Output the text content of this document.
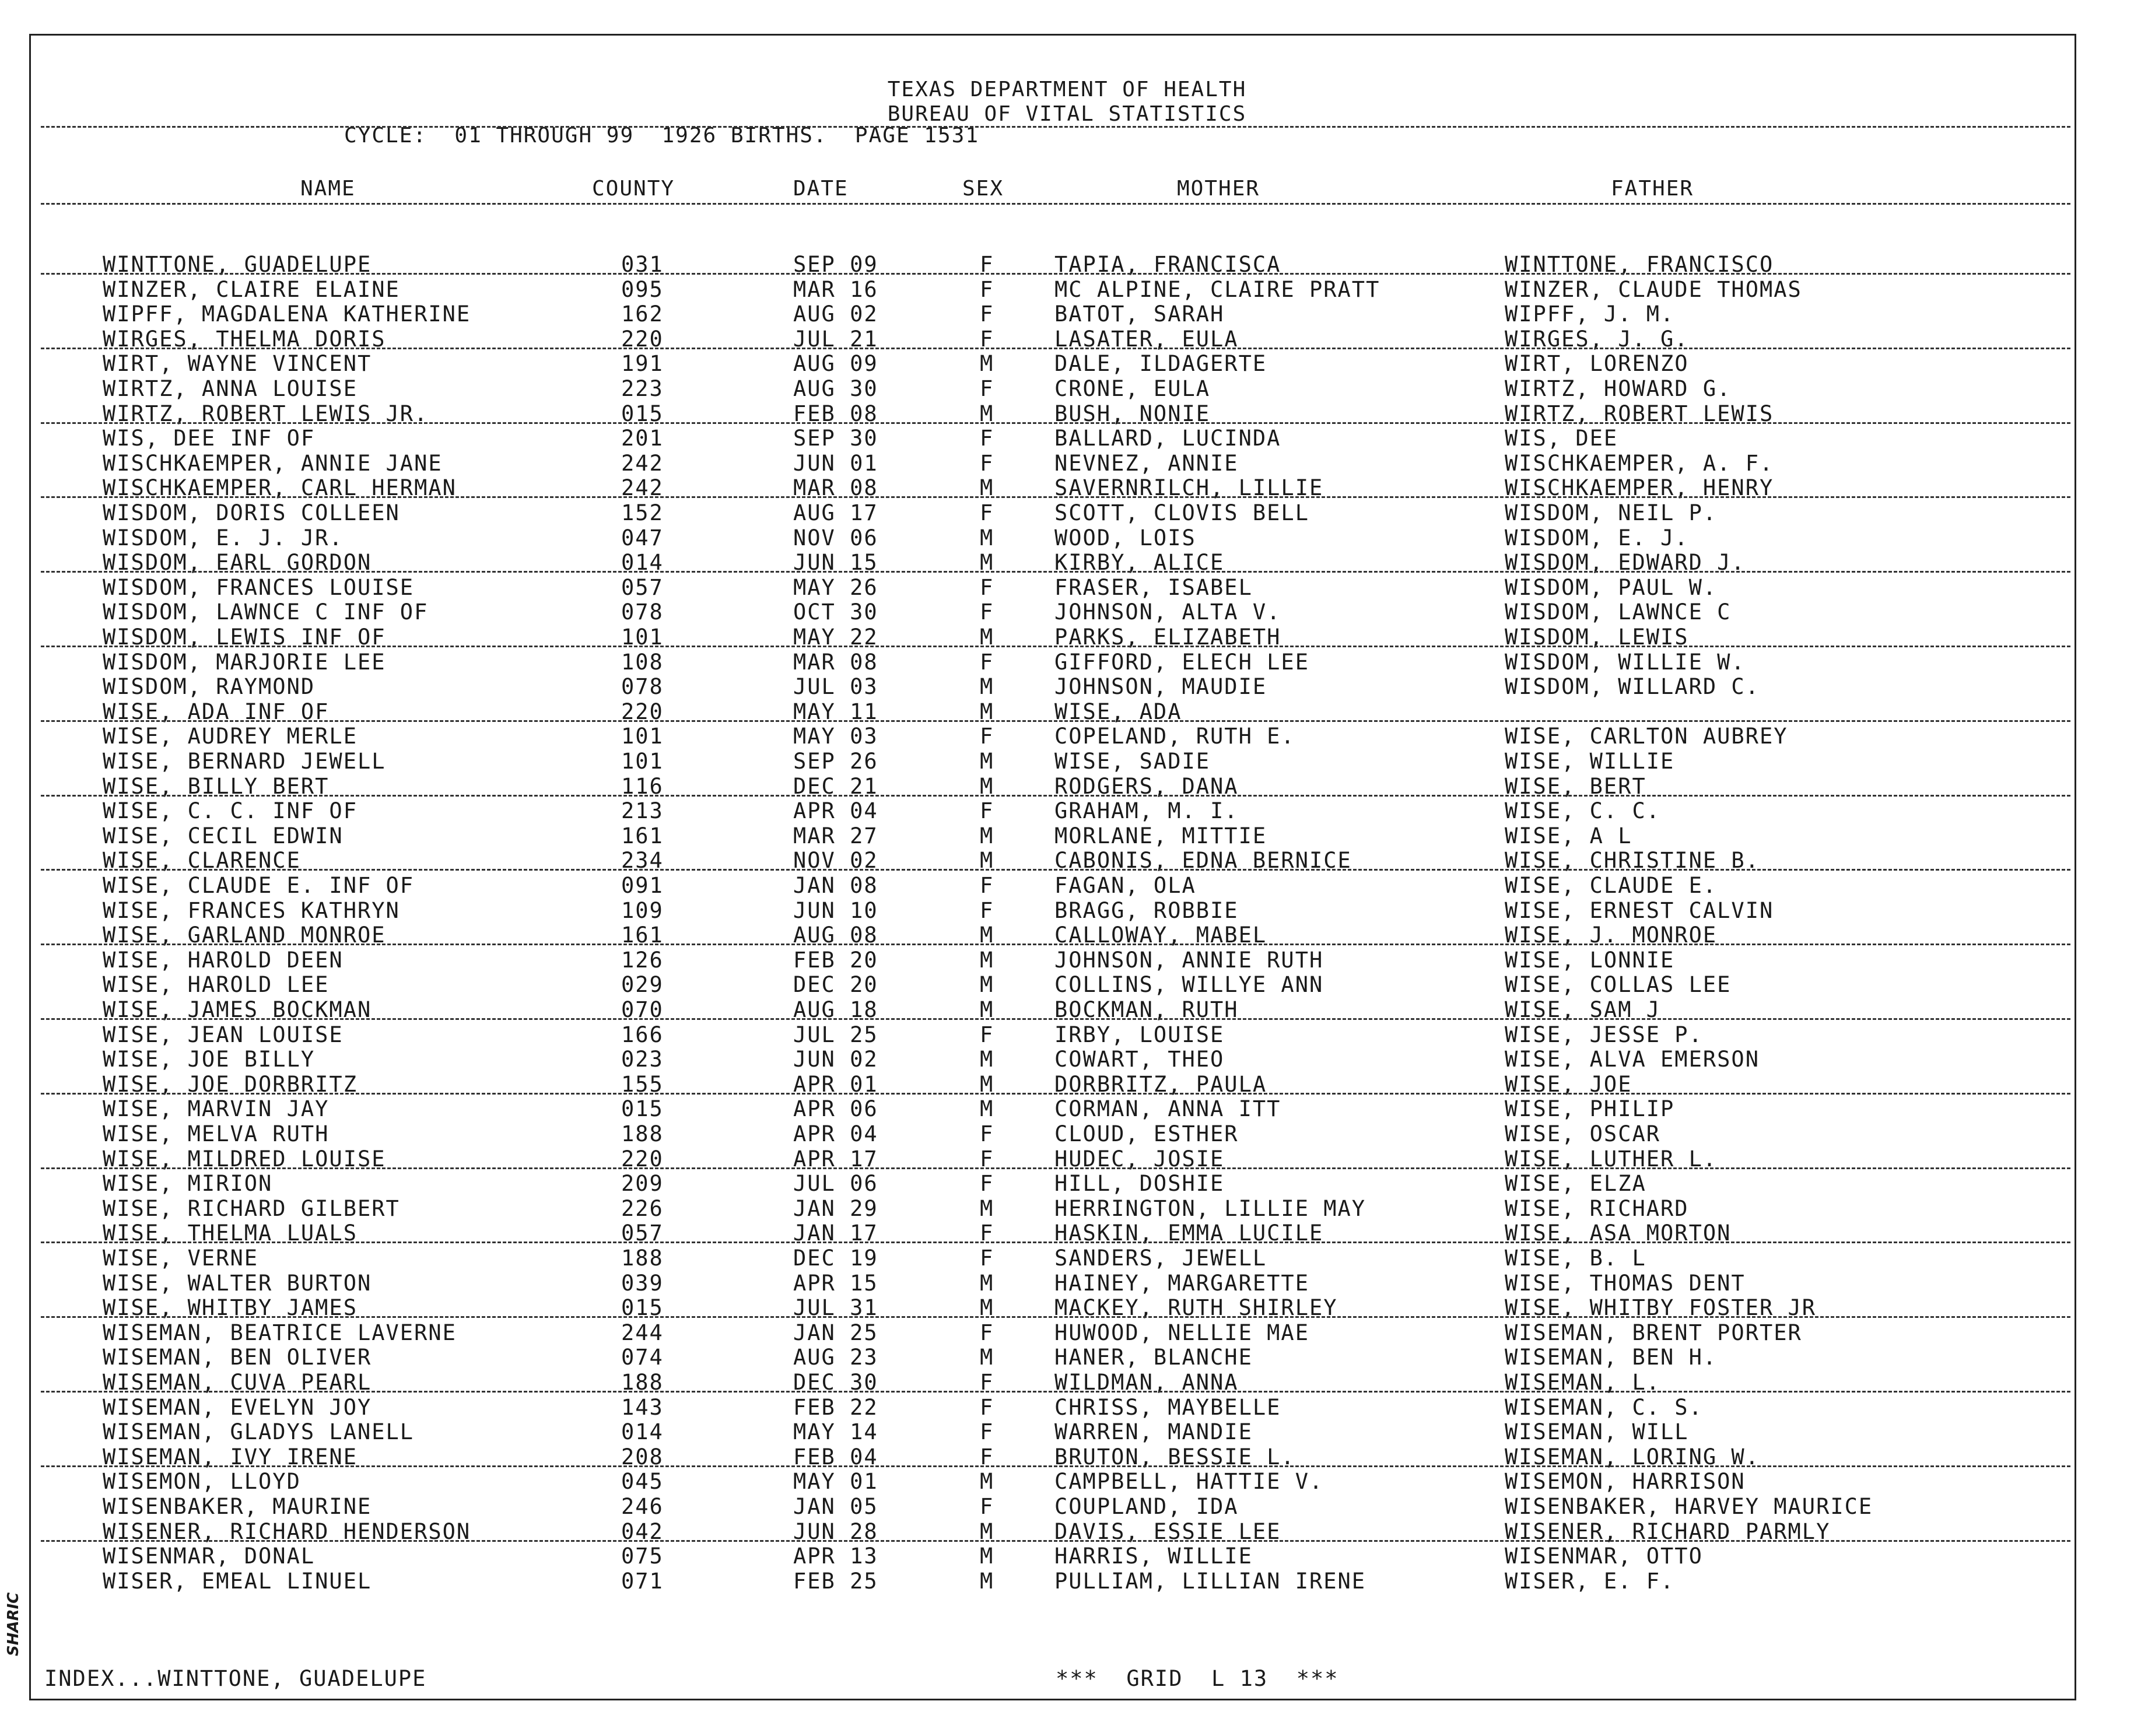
TEXAS DEPARTMENT OF HEALTH
BUREAU OF VITAL STATISTICS
CYCLE:  01 THROUGH 99  1926 BIRTHS.  PAGE 1531
NAME	COUNTY	DATE	SEX	MOTHER	FATHER
WINTTONE, GUADELUPE	031	SEP 09	F	TAPIA, FRANCISCA	WINTTONE, FRANCISCO
WINZER, CLAIRE ELAINE	095	MAR 16	F	MC ALPINE, CLAIRE PRATT	WINZER, CLAUDE THOMAS
WIPFF, MAGDALENA KATHERINE	162	AUG 02	F	BATOT, SARAH	WIPFF, J. M.
WIRGES, THELMA DORIS	220	JUL 21	F	LASATER, EULA	WIRGES, J. G.
WIRT, WAYNE VINCENT	191	AUG 09	M	DALE, ILDAGERTE	WIRT, LORENZO
WIRTZ, ANNA LOUISE	223	AUG 30	F	CRONE, EULA	WIRTZ, HOWARD G.
WIRTZ, ROBERT LEWIS JR.	015	FEB 08	M	BUSH, NONIE	WIRTZ, ROBERT LEWIS
WIS, DEE INF OF	201	SEP 30	F	BALLARD, LUCINDA	WIS, DEE
WISCHKAEMPER, ANNIE JANE	242	JUN 01	F	NEVNEZ, ANNIE	WISCHKAEMPER, A. F.
WISCHKAEMPER, CARL HERMAN	242	MAR 08	M	SAVERNRILCH, LILLIE	WISCHKAEMPER, HENRY
WISDOM, DORIS COLLEEN	152	AUG 17	F	SCOTT, CLOVIS BELL	WISDOM, NEIL P.
WISDOM, E. J. JR.	047	NOV 06	M	WOOD, LOIS	WISDOM, E. J.
WISDOM, EARL GORDON	014	JUN 15	M	KIRBY, ALICE	WISDOM, EDWARD J.
WISDOM, FRANCES LOUISE	057	MAY 26	F	FRASER, ISABEL	WISDOM, PAUL W.
WISDOM, LAWNCE C INF OF	078	OCT 30	F	JOHNSON, ALTA V.	WISDOM, LAWNCE C
WISDOM, LEWIS INF OF	101	MAY 22	M	PARKS, ELIZABETH	WISDOM, LEWIS
WISDOM, MARJORIE LEE	108	MAR 08	F	GIFFORD, ELECH LEE	WISDOM, WILLIE W.
WISDOM, RAYMOND	078	JUL 03	M	JOHNSON, MAUDIE	WISDOM, WILLARD C.
WISE, ADA INF OF	220	MAY 11	M	WISE, ADA
WISE, AUDREY MERLE	101	MAY 03	F	COPELAND, RUTH E.	WISE, CARLTON AUBREY
WISE, BERNARD JEWELL	101	SEP 26	M	WISE, SADIE	WISE, WILLIE
WISE, BILLY BERT	116	DEC 21	M	RODGERS, DANA	WISE, BERT
WISE, C. C. INF OF	213	APR 04	F	GRAHAM, M. I.	WISE, C. C.
WISE, CECIL EDWIN	161	MAR 27	M	MORLANE, MITTIE	WISE, A L
WISE, CLARENCE	234	NOV 02	M	CABONIS, EDNA BERNICE	WISE, CHRISTINE B.
WISE, CLAUDE E. INF OF	091	JAN 08	F	FAGAN, OLA	WISE, CLAUDE E.
WISE, FRANCES KATHRYN	109	JUN 10	F	BRAGG, ROBBIE	WISE, ERNEST CALVIN
WISE, GARLAND MONROE	161	AUG 08	M	CALLOWAY, MABEL	WISE, J. MONROE
WISE, HAROLD DEEN	126	FEB 20	M	JOHNSON, ANNIE RUTH	WISE, LONNIE
WISE, HAROLD LEE	029	DEC 20	M	COLLINS, WILLYE ANN	WISE, COLLAS LEE
WISE, JAMES BOCKMAN	070	AUG 18	M	BOCKMAN, RUTH	WISE, SAM J
WISE, JEAN LOUISE	166	JUL 25	F	IRBY, LOUISE	WISE, JESSE P.
WISE, JOE BILLY	023	JUN 02	M	COWART, THEO	WISE, ALVA EMERSON
WISE, JOE DORBRITZ	155	APR 01	M	DORBRITZ, PAULA	WISE, JOE
WISE, MARVIN JAY	015	APR 06	M	CORMAN, ANNA ITT	WISE, PHILIP
WISE, MELVA RUTH	188	APR 04	F	CLOUD, ESTHER	WISE, OSCAR
WISE, MILDRED LOUISE	220	APR 17	F	HUDEC, JOSIE	WISE, LUTHER L.
WISE, MIRION	209	JUL 06	F	HILL, DOSHIE	WISE, ELZA
WISE, RICHARD GILBERT	226	JAN 29	M	HERRINGTON, LILLIE MAY	WISE, RICHARD
WISE, THELMA LUALS	057	JAN 17	F	HASKIN, EMMA LUCILE	WISE, ASA MORTON
WISE, VERNE	188	DEC 19	F	SANDERS, JEWELL	WISE, B. L
WISE, WALTER BURTON	039	APR 15	M	HAINEY, MARGARETTE	WISE, THOMAS DENT
WISE, WHITBY JAMES	015	JUL 31	M	MACKEY, RUTH SHIRLEY	WISE, WHITBY FOSTER JR
WISEMAN, BEATRICE LAVERNE	244	JAN 25	F	HUWOOD, NELLIE MAE	WISEMAN, BRENT PORTER
WISEMAN, BEN OLIVER	074	AUG 23	M	HANER, BLANCHE	WISEMAN, BEN H.
WISEMAN, CUVA PEARL	188	DEC 30	F	WILDMAN, ANNA	WISEMAN, L.
WISEMAN, EVELYN JOY	143	FEB 22	F	CHRISS, MAYBELLE	WISEMAN, C. S.
WISEMAN, GLADYS LANELL	014	MAY 14	F	WARREN, MANDIE	WISEMAN, WILL
WISEMAN, IVY IRENE	208	FEB 04	F	BRUTON, BESSIE L.	WISEMAN, LORING W.
WISEMON, LLOYD	045	MAY 01	M	CAMPBELL, HATTIE V.	WISEMON, HARRISON
WISENBAKER, MAURINE	246	JAN 05	F	COUPLAND, IDA	WISENBAKER, HARVEY MAURICE
WISENER, RICHARD HENDERSON	042	JUN 28	M	DAVIS, ESSIE LEE	WISENER, RICHARD PARMLY
WISENMAR, DONAL	075	APR 13	M	HARRIS, WILLIE	WISENMAR, OTTO
WISER, EMEAL LINUEL	071	FEB 25	M	PULLIAM, LILLIAN IRENE	WISER, E. F.
INDEX...WINTTONE, GUADELUPE	***  GRID  L 13  ***
SHARIC
